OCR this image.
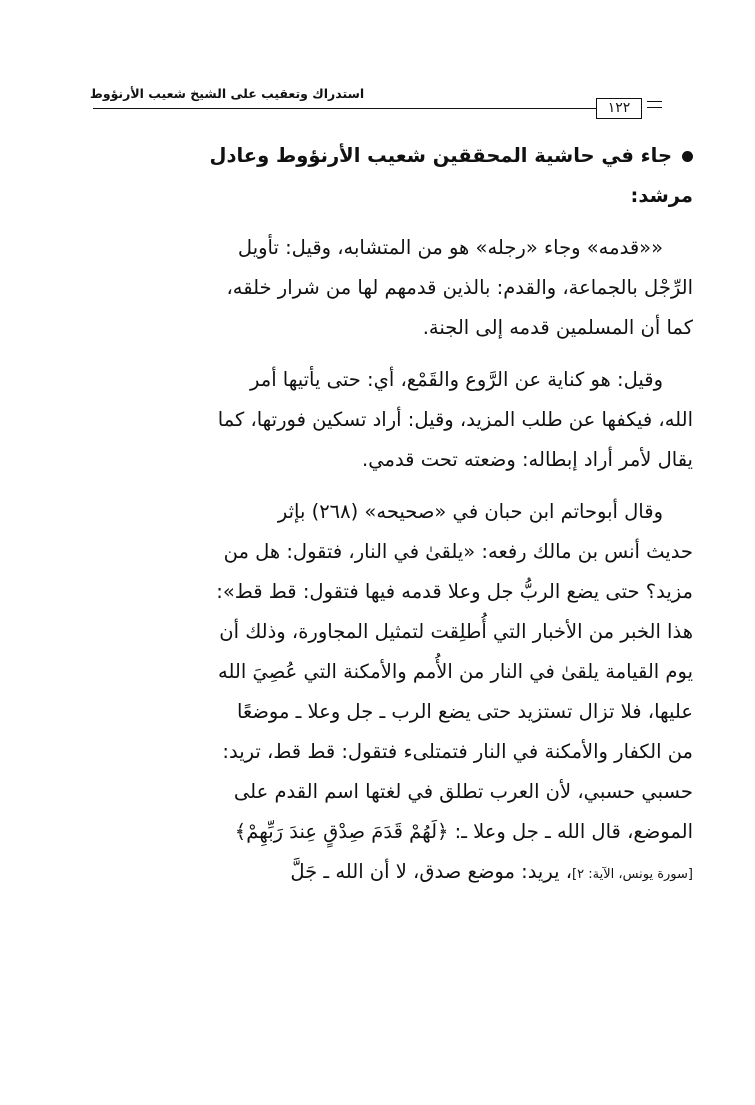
استدراك وتعقيب على الشيخ شعيب الأرنؤوط
١٢٢
جاء في حاشية المحققين شعيب الأرنؤوط وعادل
مرشد:
««قدمه» وجاء «رجله» هو من المتشابه، وقيل: تأويل
الرِّجْل بالجماعة، والقدم: بالذين قدمهم لها من شرار خلقه،
كما أن المسلمين قدمه إلى الجنة.
وقيل: هو كناية عن الرَّوع والقَمْع، أي: حتى يأتيها أمر
الله، فيكفها عن طلب المزيد، وقيل: أراد تسكين فورتها، كما
يقال لأمر أراد إبطاله: وضعته تحت قدمي.
وقال أبوحاتم ابن حبان في «صحيحه» (٢٦٨) بإثر
حديث أنس بن مالك رفعه: «يلقىٰ في النار، فتقول: هل من
مزيد؟ حتى يضع الربُّ جل وعلا قدمه فيها فتقول: قط قط»:
هذا الخبر من الأخبار التي أُطلِقت لتمثيل المجاورة، وذلك أن
يوم القيامة يلقىٰ في النار من الأُمم والأمكنة التي عُصِيَ الله
عليها، فلا تزال تستزيد حتى يضع الرب ـ جل وعلا ـ موضعًا
من الكفار والأمكنة في النار فتمتلىء فتقول: قط قط، تريد:
حسبي حسبي، لأن العرب تطلق في لغتها اسم القدم على
الموضع، قال الله ـ جل وعلا ـ: ﴿لَهُمْ قَدَمَ صِدْقٍ عِندَ رَبِّهِمْ﴾
[سورة يونس، الآية: ٢]، يريد: موضع صدق، لا أن الله ـ جَلَّ
